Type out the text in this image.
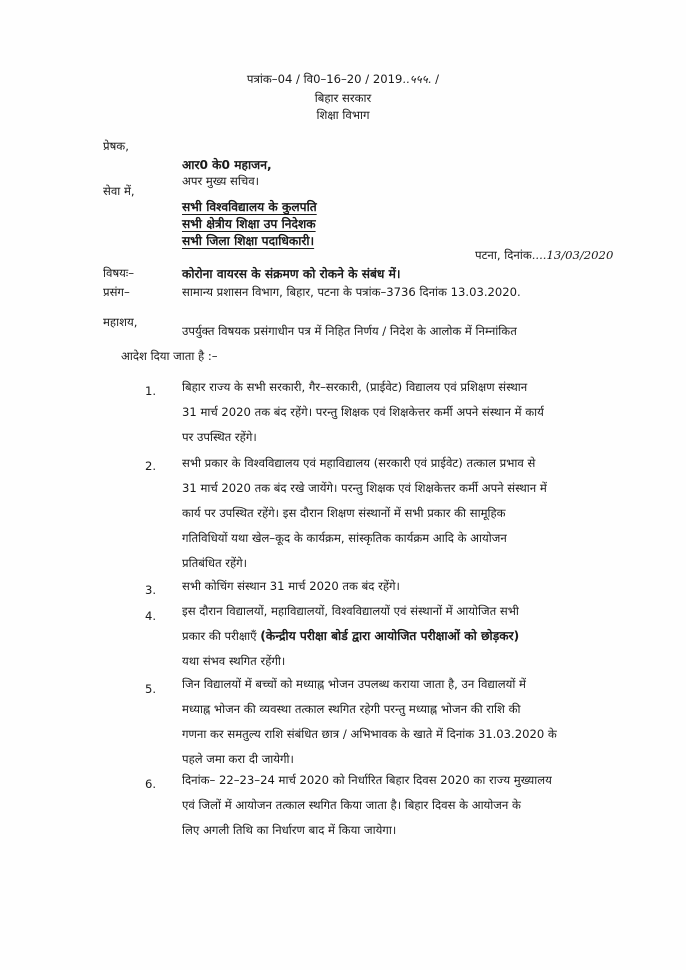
पत्रांक–04 / वि0–16–20 / 2019..५५५. /
बिहार सरकार
शिक्षा विभाग
प्रेषक,
आर0 के0 महाजन,
अपर मुख्य सचिव।
सेवा में,
सभी विश्वविद्यालय के कुलपति
सभी क्षेत्रीय शिक्षा उप निदेशक
सभी जिला शिक्षा पदाधिकारी।
पटना, दिनांक....13/03/2020
विषयः–	कोरोना वायरस के संक्रमण को रोकने के संबंध में।
प्रसंग–	सामान्य प्रशासन विभाग, बिहार, पटना के पत्रांक–3736 दिनांक 13.03.2020.
महाशय,
उपर्युक्त विषयक प्रसंगाधीन पत्र में निहित निर्णय / निदेश के आलोक में निम्नांकित
आदेश दिया जाता है :–
1. बिहार राज्य के सभी सरकारी, गैर–सरकारी, (प्राईवेट) विद्यालय एवं प्रशिक्षण संस्थान
31 मार्च 2020 तक बंद रहेंगे। परन्तु शिक्षक एवं शिक्षकेत्तर कर्मी अपने संस्थान में कार्य
पर उपस्थित रहेंगे।
2. सभी प्रकार के विश्वविद्यालय एवं महाविद्यालय (सरकारी एवं प्राईवेट) तत्काल प्रभाव से
31 मार्च 2020 तक बंद रखे जायेंगे। परन्तु शिक्षक एवं शिक्षकेत्तर कर्मी अपने संस्थान में
कार्य पर उपस्थित रहेंगे। इस दौरान शिक्षण संस्थानों में सभी प्रकार की सामूहिक
गतिविधियों यथा खेल–कूद के कार्यक्रम, सांस्कृतिक कार्यक्रम आदि के आयोजन
प्रतिबंधित रहेंगे।
3. सभी कोचिंग संस्थान 31 मार्च 2020 तक बंद रहेंगे।
4. इस दौरान विद्यालयों, महाविद्यालयों, विश्वविद्यालयों एवं संस्थानों में आयोजित सभी
प्रकार की परीक्षाएँ (केन्द्रीय परीक्षा बोर्ड द्वारा आयोजित परीक्षाओं को छोड़कर)
यथा संभव स्थगित रहेंगी।
5. जिन विद्यालयों में बच्चों को मध्याह्न भोजन उपलब्ध कराया जाता है, उन विद्यालयों में
मध्याह्न भोजन की व्यवस्था तत्काल स्थगित रहेगी परन्तु मध्याह्न भोजन की राशि की
गणना कर समतुल्य राशि संबंधित छात्र / अभिभावक के खाते में दिनांक 31.03.2020 के
पहले जमा करा दी जायेगी।
6. दिनांक– 22–23–24 मार्च 2020 को निर्धारित बिहार दिवस 2020 का राज्य मुख्यालय
एवं जिलों में आयोजन तत्काल स्थगित किया जाता है। बिहार दिवस के आयोजन के
लिए अगली तिथि का निर्धारण बाद में किया जायेगा।
